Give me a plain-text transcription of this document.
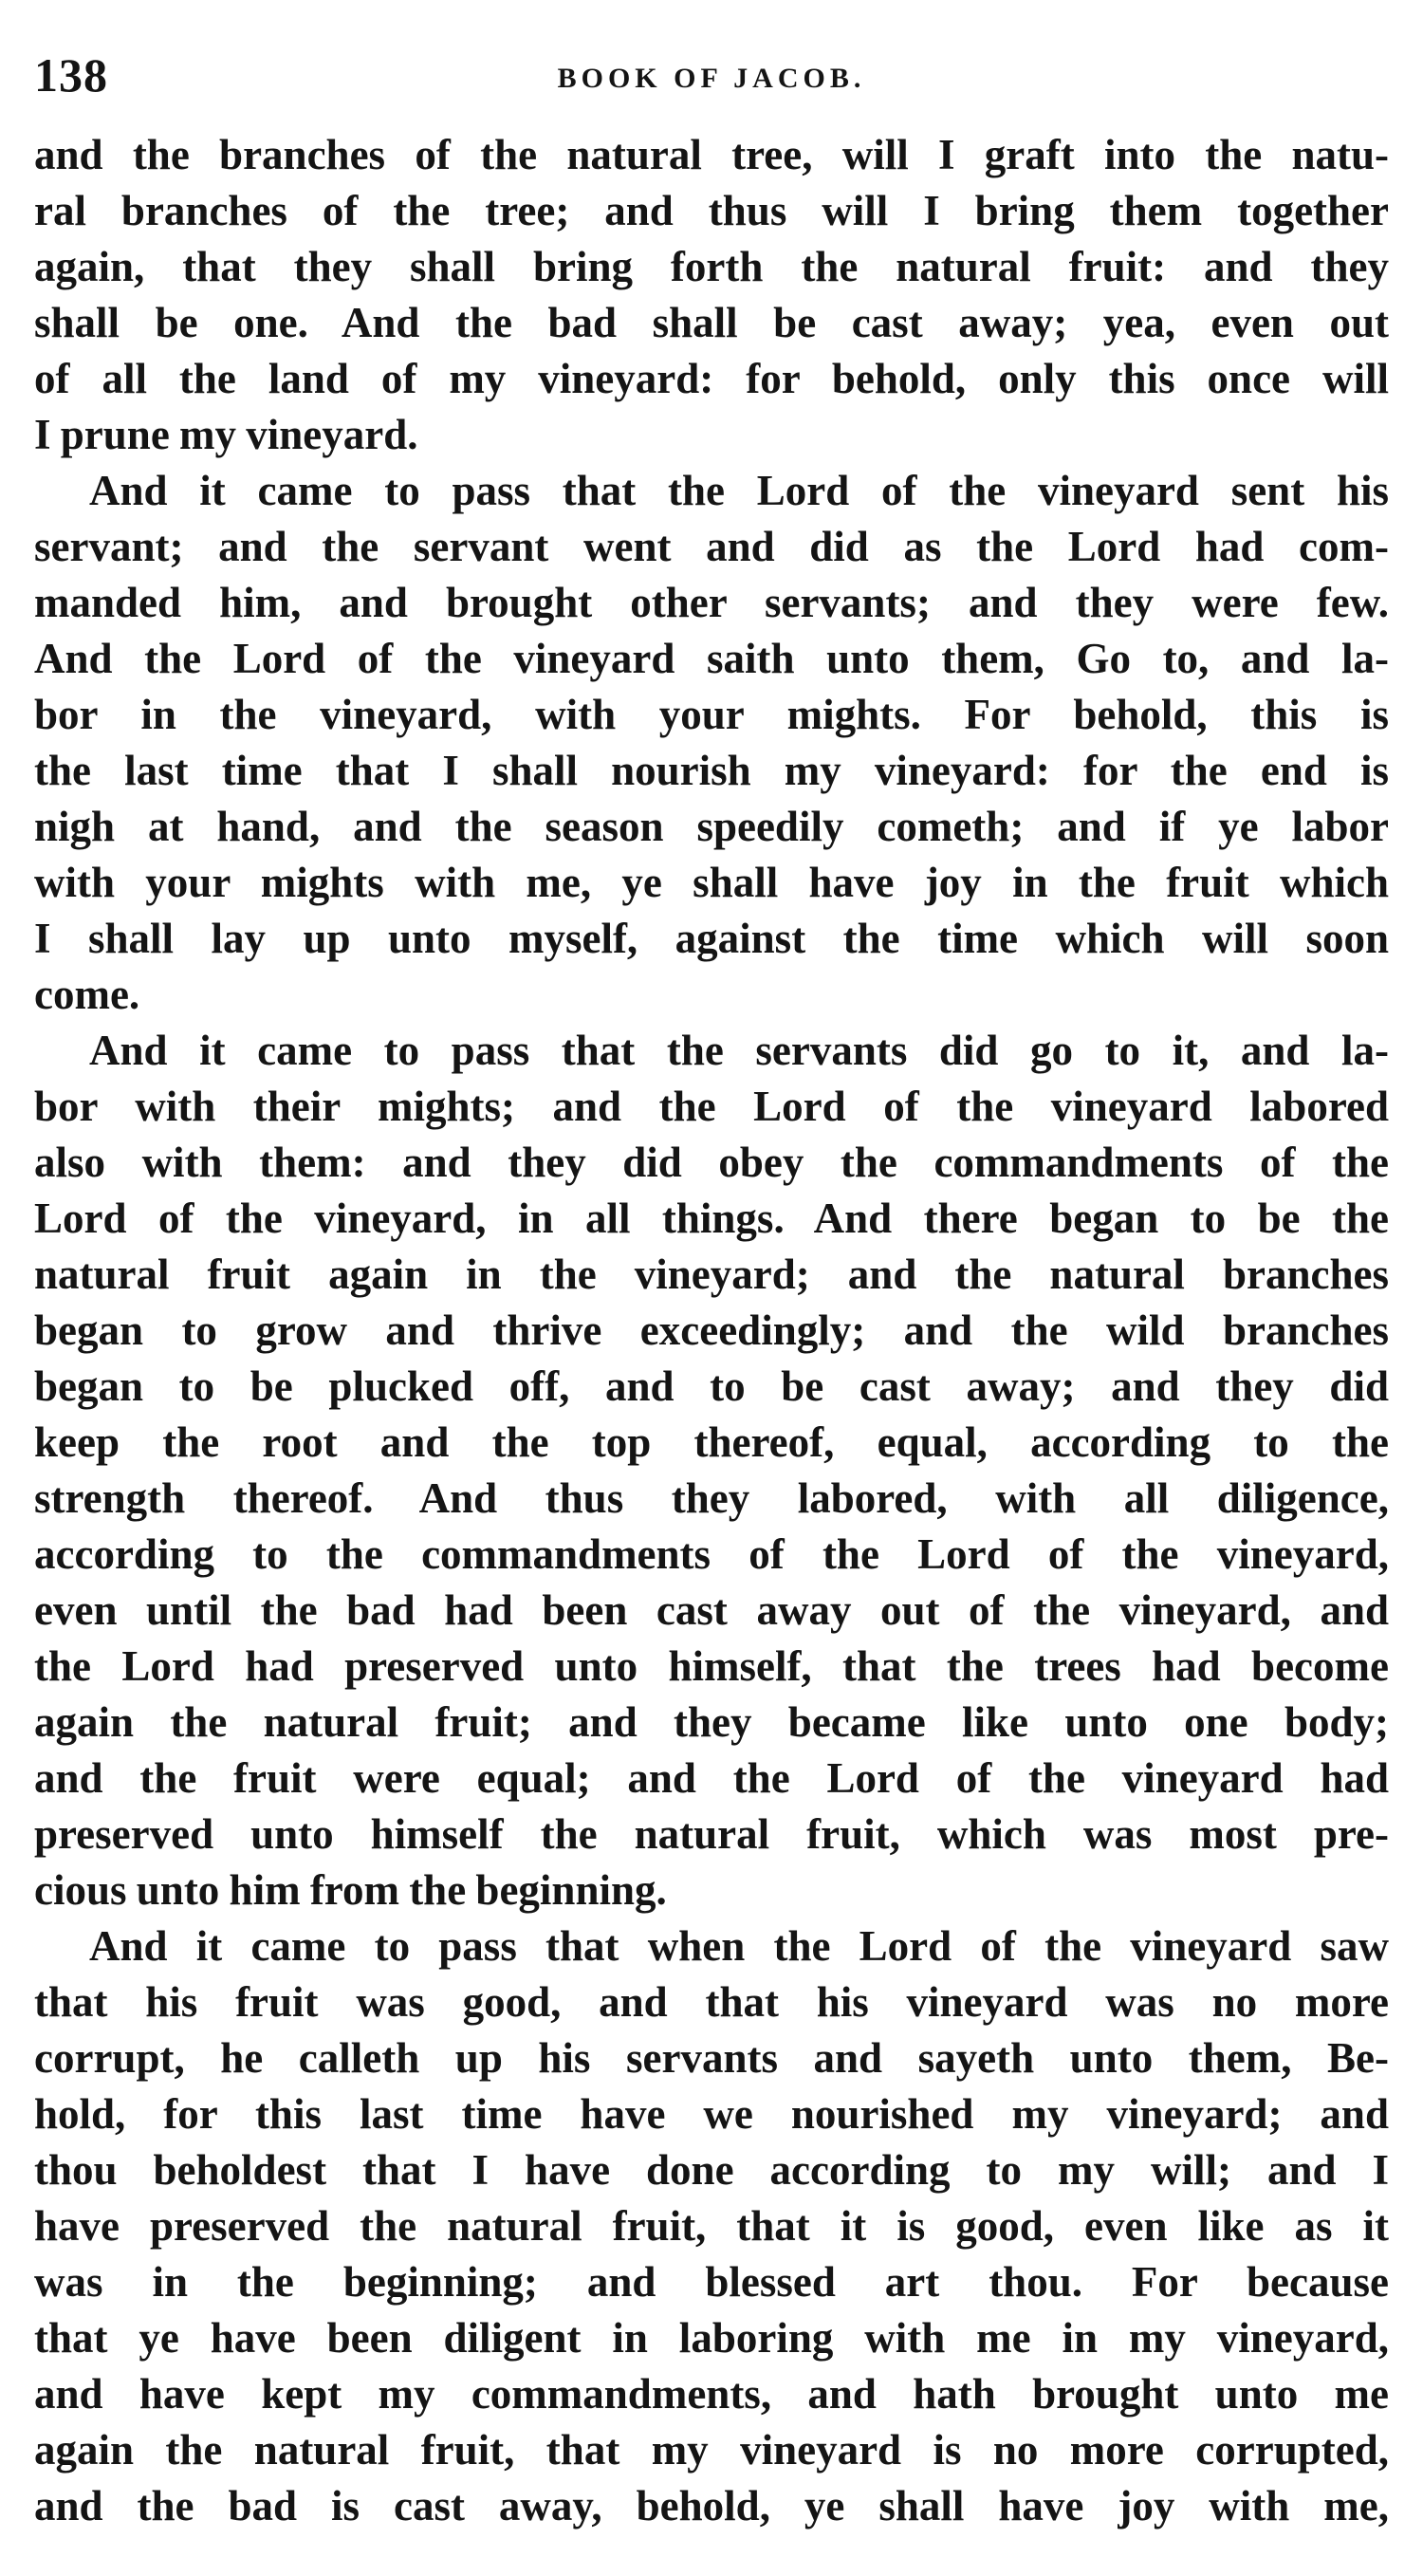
138	BOOK OF JACOB.
and the branches of the natural tree, will I graft into the natu-
ral branches of the tree; and thus will I bring them together
again, that they shall bring forth the natural fruit: and they
shall be one. And the bad shall be cast away; yea, even out
of all the land of my vineyard: for behold, only this once will
I prune my vineyard.
And it came to pass that the Lord of the vineyard sent his
servant; and the servant went and did as the Lord had com-
manded him, and brought other servants; and they were few.
And the Lord of the vineyard saith unto them, Go to, and la-
bor in the vineyard, with your mights. For behold, this is
the last time that I shall nourish my vineyard: for the end is
nigh at hand, and the season speedily cometh; and if ye labor
with your mights with me, ye shall have joy in the fruit which
I shall lay up unto myself, against the time which will soon
come.
And it came to pass that the servants did go to it, and la-
bor with their mights; and the Lord of the vineyard labored
also with them: and they did obey the commandments of the
Lord of the vineyard, in all things. And there began to be the
natural fruit again in the vineyard; and the natural branches
began to grow and thrive exceedingly; and the wild branches
began to be plucked off, and to be cast away; and they did
keep the root and the top thereof, equal, according to the
strength thereof. And thus they labored, with all diligence,
according to the commandments of the Lord of the vineyard,
even until the bad had been cast away out of the vineyard, and
the Lord had preserved unto himself, that the trees had become
again the natural fruit; and they became like unto one body;
and the fruit were equal; and the Lord of the vineyard had
preserved unto himself the natural fruit, which was most pre-
cious unto him from the beginning.
And it came to pass that when the Lord of the vineyard saw
that his fruit was good, and that his vineyard was no more
corrupt, he calleth up his servants and sayeth unto them, Be-
hold, for this last time have we nourished my vineyard; and
thou beholdest that I have done according to my will; and I
have preserved the natural fruit, that it is good, even like as it
was in the beginning; and blessed art thou. For because
that ye have been diligent in laboring with me in my vineyard,
and have kept my commandments, and hath brought unto me
again the natural fruit, that my vineyard is no more corrupted,
and the bad is cast away, behold, ye shall have joy with me,
